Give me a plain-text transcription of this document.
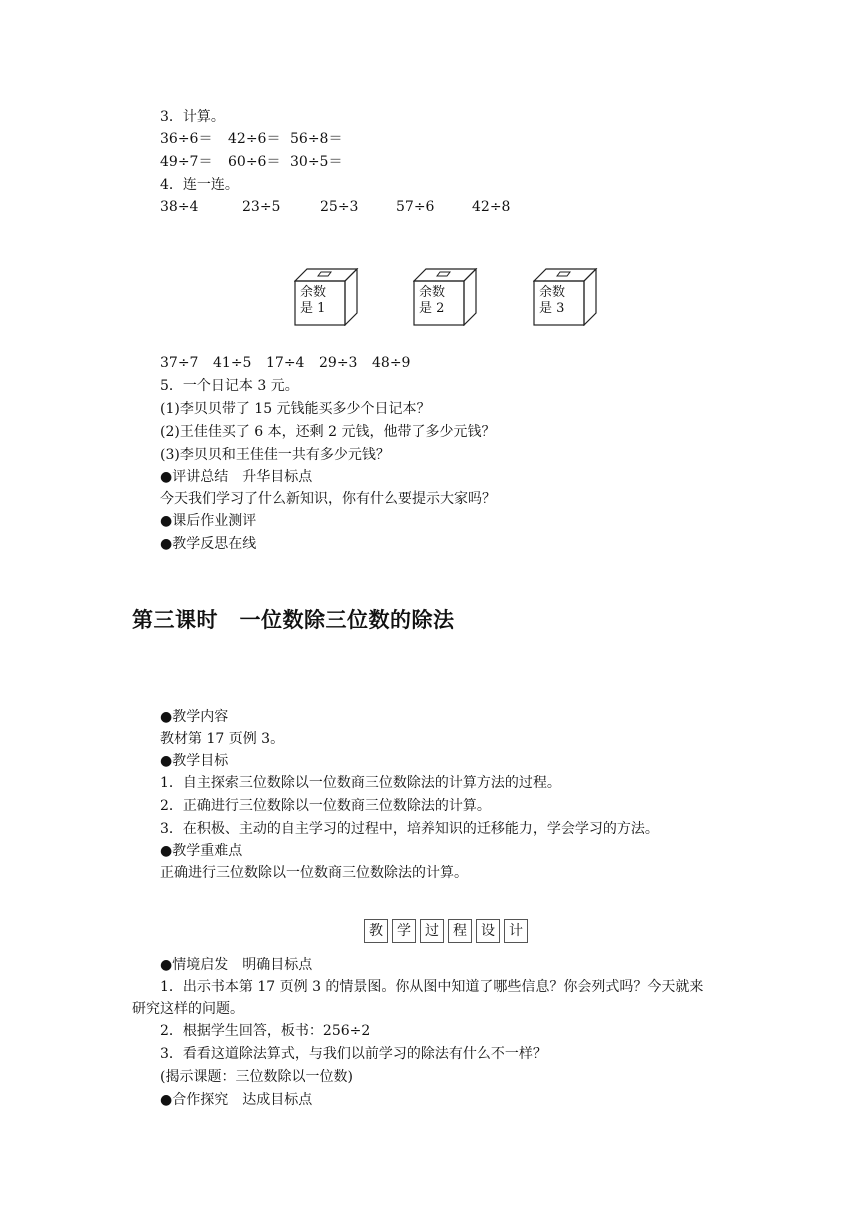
3．计算。
36÷6＝	42÷6＝ 56÷8＝
49÷7＝	60÷6＝ 30÷5＝
4．连一连。
38÷4	23÷5	25÷3	57÷6	42÷8
余数
是 1
余数
是 2
余数
是 3
37÷7	41÷5	17÷4	29÷3	48÷9
5．一个日记本 3 元。
(1)李贝贝带了 15 元钱能买多少个日记本？
(2)王佳佳买了 6 本，还剩 2 元钱，他带了多少元钱？
(3)李贝贝和王佳佳一共有多少元钱？
●评讲总结　升华目标点
今天我们学习了什么新知识，你有什么要提示大家吗？
●课后作业测评
●教学反思在线
第三课时　一位数除三位数的除法
●教学内容
教材第 17 页例 3。
●教学目标
1．自主探索三位数除以一位数商三位数除法的计算方法的过程。
2．正确进行三位数除以一位数商三位数除法的计算。
3．在积极、主动的自主学习的过程中，培养知识的迁移能力，学会学习的方法。
●教学重难点
正确进行三位数除以一位数商三位数除法的计算。
教	学	过	程	设	计
●情境启发　明确目标点
1．出示书本第 17 页例 3 的情景图。你从图中知道了哪些信息？你会列式吗？今天就来
研究这样的问题。
2．根据学生回答，板书：256÷2
3．看看这道除法算式，与我们以前学习的除法有什么不一样？
(揭示课题：三位数除以一位数)
●合作探究　达成目标点
